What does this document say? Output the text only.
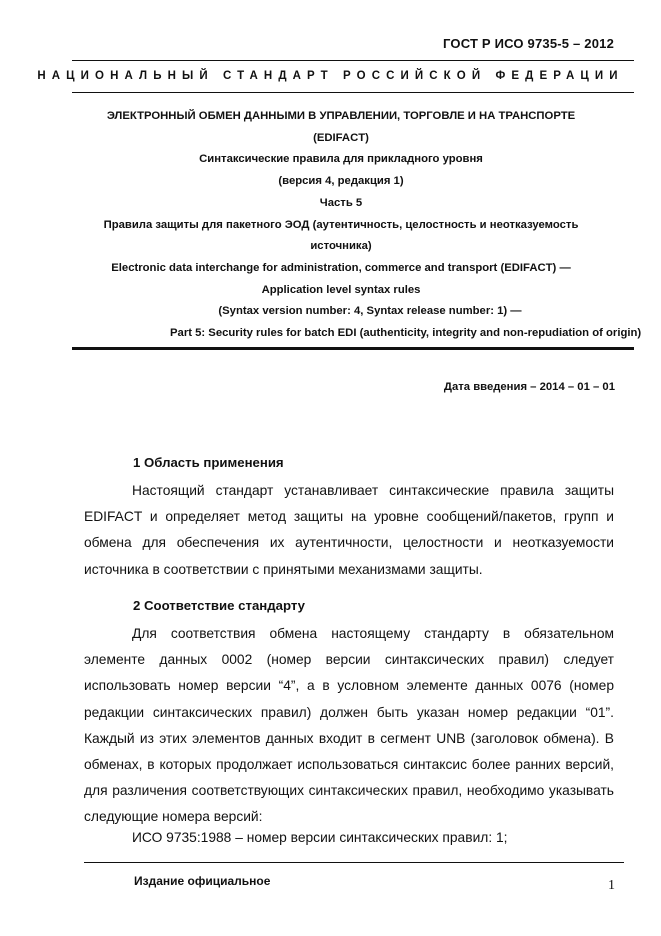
ГОСТ Р ИСО 9735-5 – 2012
НАЦИОНАЛЬНЫЙ СТАНДАРТ РОССИЙСКОЙ ФЕДЕРАЦИИ
ЭЛЕКТРОННЫЙ ОБМЕН ДАННЫМИ В УПРАВЛЕНИИ, ТОРГОВЛЕ И НА ТРАНСПОРТЕ
(EDIFACT)
Синтаксические правила для прикладного уровня
(версия 4, редакция 1)
Часть 5
Правила защиты для пакетного ЭОД (аутентичность, целостность и неотказуемость
источника)
Electronic data interchange for administration, commerce and transport (EDIFACT) —
Application level syntax rules
(Syntax version number: 4, Syntax release number: 1) —
Part 5: Security rules for batch EDI (authenticity, integrity and non-repudiation of origin)
Дата введения – 2014 – 01 – 01
1 Область применения
Настоящий стандарт устанавливает синтаксические правила защиты EDIFACT и определяет метод защиты на уровне сообщений/пакетов, групп и обмена для обеспечения их аутентичности, целостности и неотказуемости источника в соответствии с принятыми механизмами защиты.
2 Соответствие стандарту
Для соответствия обмена настоящему стандарту в обязательном элементе данных 0002 (номер версии синтаксических правил) следует использовать номер версии “4”, а в условном элементе данных 0076 (номер редакции синтаксических правил) должен быть указан номер редакции “01”. Каждый из этих элементов данных входит в сегмент UNB (заголовок обмена). В обменах, в которых продолжает использоваться синтаксис более ранних версий, для различения соответствующих синтаксических правил, необходимо указывать следующие номера версий:
ИСО 9735:1988 – номер версии синтаксических правил: 1;
Издание официальное	1
